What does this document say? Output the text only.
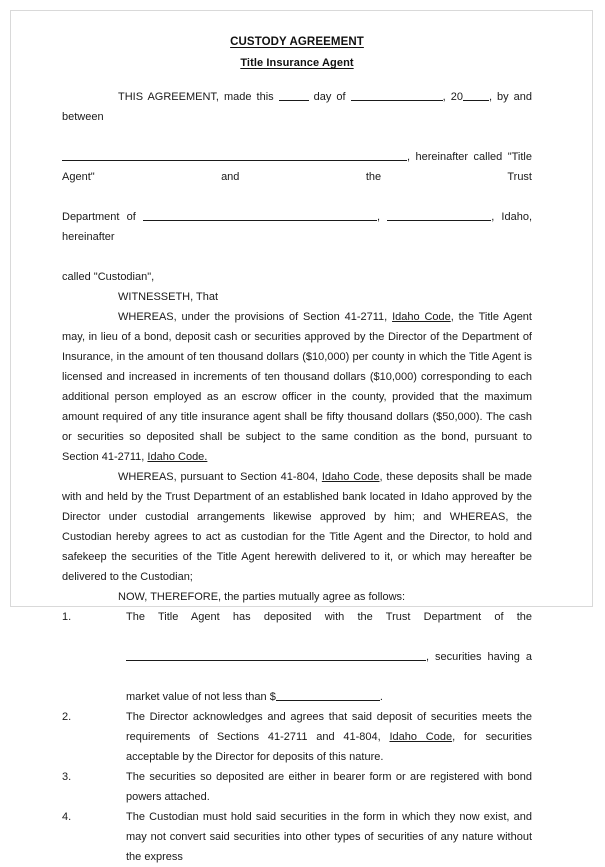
CUSTODY AGREEMENT
Title Insurance Agent
THIS AGREEMENT, made this	day of	, 20 , by and between
, hereinafter called "Title Agent" and the Trust
Department of	,	, Idaho, hereinafter
called "Custodian",

WITNESSETH, That

WHEREAS, under the provisions of Section 41-2711, Idaho Code, the Title Agent may, in lieu of a bond, deposit cash or securities approved by the Director of the Department of Insurance, in the amount of ten thousand dollars ($10,000) per county in which the Title Agent is licensed and increased in increments of ten thousand dollars ($10,000) corresponding to each additional person employed as an escrow officer in the county, provided that the maximum amount required of any title insurance agent shall be fifty thousand dollars ($50,000). The cash or securities so deposited shall be subject to the same condition as the bond, pursuant to Section 41-2711, Idaho Code.

WHEREAS, pursuant to Section 41-804, Idaho Code, these deposits shall be made with and held by the Trust Department of an established bank located in Idaho approved by the Director under custodial arrangements likewise approved by him; and WHEREAS, the Custodian hereby agrees to act as custodian for the Title Agent and the Director, to hold and safekeep the securities of the Title Agent herewith delivered to it, or which may hereafter be delivered to the Custodian;

NOW, THEREFORE, the parties mutually agree as follows:

1.	The Title Agent has deposited with the Trust Department of the
, securities having a
market value of not less than $	.
2.	The Director acknowledges and agrees that said deposit of securities meets the requirements of Sections 41-2711 and 41-804, Idaho Code, for securities acceptable by the Director for deposits of this nature.
3.	The securities so deposited are either in bearer form or are registered with bond powers attached.
4.	The Custodian must hold said securities in the form in which they now exist, and may not convert said securities into other types of securities of any nature without the express
